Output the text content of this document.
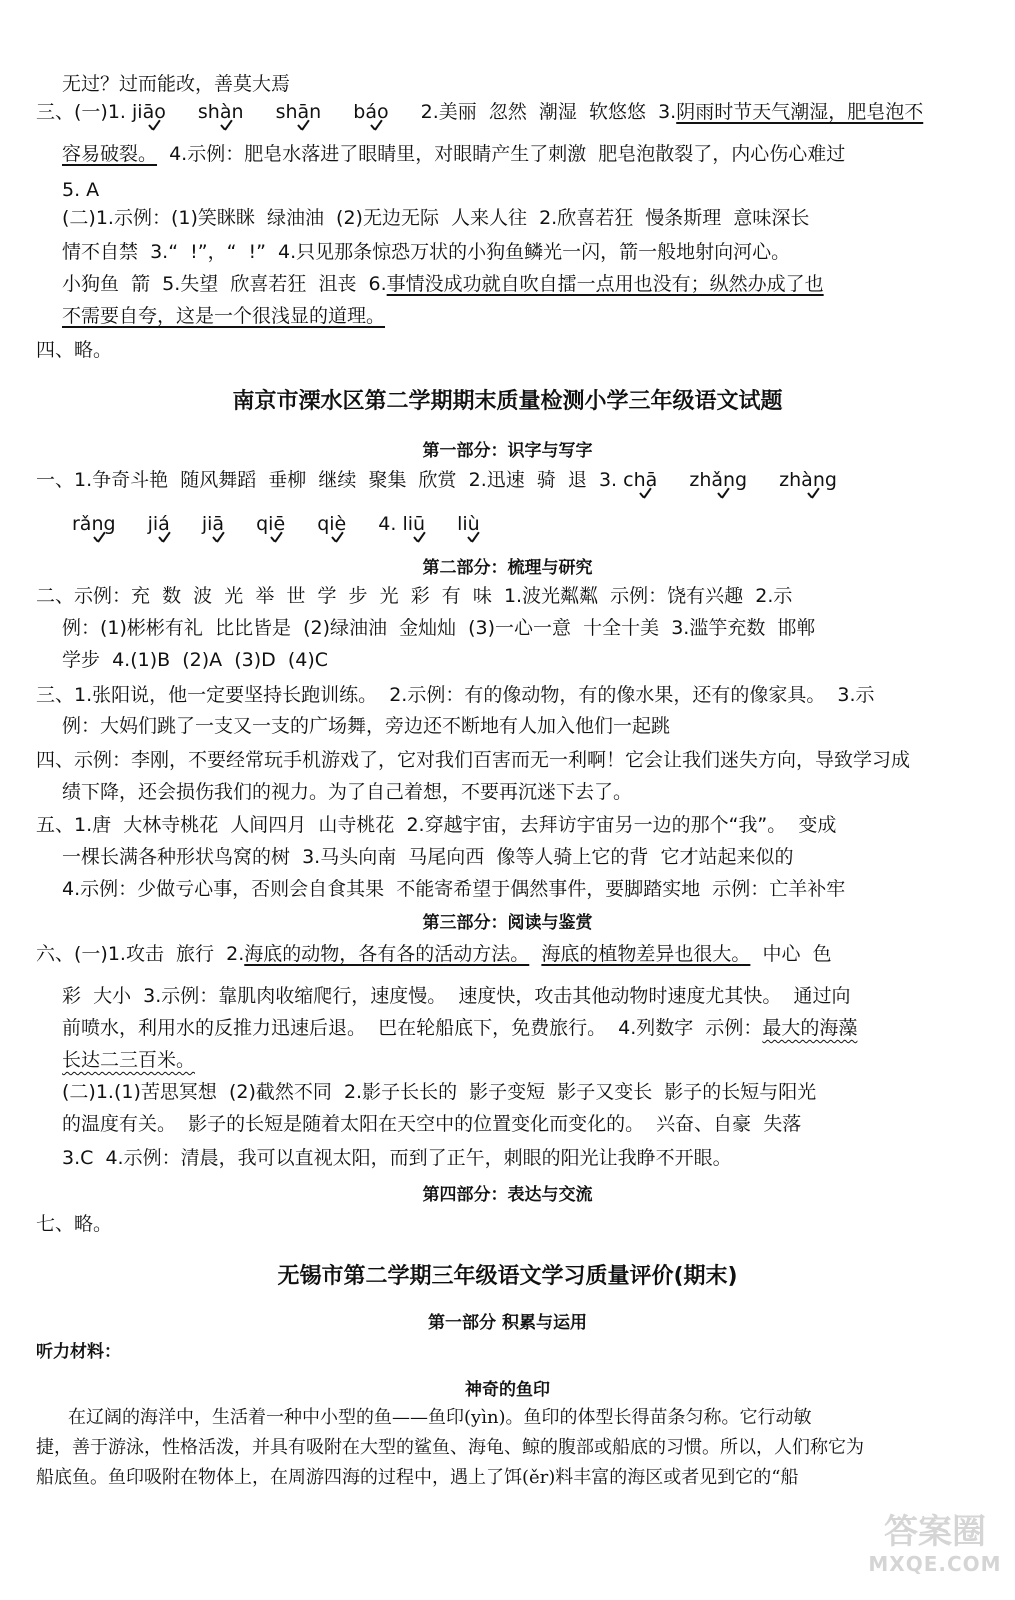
无过？过而能改，善莫大焉
三、(一)1. jiāo shàn shān báo 2.美丽  忽然  潮湿  软悠悠  3.阴雨时节天气潮湿，肥皂泡不
容易破裂。  4.示例：肥皂水落进了眼睛里，对眼睛产生了刺激  肥皂泡散裂了，内心伤心难过
5. A
(二)1.示例：(1)笑眯眯  绿油油  (2)无边无际  人来人往  2.欣喜若狂  慢条斯理  意味深长
情不自禁  3.“  !”，“  !”  4.只见那条惊恐万状的小狗鱼鳞光一闪，箭一般地射向河心。
小狗鱼  箭  5.失望  欣喜若狂  沮丧  6.事情没成功就自吹自擂一点用也没有；纵然办成了也
不需要自夸，这是一个很浅显的道理。
四、略。
南京市溧水区第二学期期末质量检测小学三年级语文试题
第一部分：识字与写字
一、1.争奇斗艳  随风舞蹈  垂柳  继续  聚集  欣赏  2.迅速  骑  退  3. chā zhǎng zhàng
rǎng jiá jiā qiē qiè 4. liū liù
第二部分：梳理与研究
二、示例：充  数  波  光  举  世  学  步  光  彩  有  味  1.波光粼粼  示例：饶有兴趣  2.示
例：(1)彬彬有礼  比比皆是  (2)绿油油  金灿灿  (3)一心一意  十全十美  3.滥竽充数  邯郸
学步  4.(1)B  (2)A  (3)D  (4)C
三、1.张阳说，他一定要坚持长跑训练。  2.示例：有的像动物，有的像水果，还有的像家具。  3.示
例：大妈们跳了一支又一支的广场舞，旁边还不断地有人加入他们一起跳
四、示例：李刚，不要经常玩手机游戏了，它对我们百害而无一利啊！它会让我们迷失方向，导致学习成
绩下降，还会损伤我们的视力。为了自己着想，不要再沉迷下去了。
五、1.唐  大林寺桃花  人间四月  山寺桃花  2.穿越宇宙，去拜访宇宙另一边的那个“我”。  变成
一棵长满各种形状鸟窝的树  3.马头向南  马尾向西  像等人骑上它的背  它才站起来似的
4.示例：少做亏心事，否则会自食其果  不能寄希望于偶然事件，要脚踏实地  示例：亡羊补牢
第三部分：阅读与鉴赏
六、(一)1.攻击  旅行  2.海底的动物，各有各的活动方法。 海底的植物差异也很大。  中心  色
彩  大小  3.示例：靠肌肉收缩爬行，速度慢。  速度快，攻击其他动物时速度尤其快。  通过向
前喷水，利用水的反推力迅速后退。  巴在轮船底下，免费旅行。  4.列数字  示例：最大的海藻
长达二三百米。
(二)1.(1)苦思冥想  (2)截然不同  2.影子长长的  影子变短  影子又变长  影子的长短与阳光
的温度有关。  影子的长短是随着太阳在天空中的位置变化而变化的。  兴奋、自豪  失落
3.C  4.示例：清晨，我可以直视太阳，而到了正午，刺眼的阳光让我睁不开眼。
第四部分：表达与交流
七、略。
无锡市第二学期三年级语文学习质量评价(期末)
第一部分 积累与运用
听力材料：
神奇的鱼印
在辽阔的海洋中，生活着一种中小型的鱼——鱼印(yìn)。鱼印的体型长得苗条匀称。它行动敏
捷，善于游泳，性格活泼，并具有吸附在大型的鲨鱼、海龟、鲸的腹部或船底的习惯。所以，人们称它为
船底鱼。鱼印吸附在物体上，在周游四海的过程中，遇上了饵(ěr)料丰富的海区或者见到它的“船
答案圈
MXQE.COM
